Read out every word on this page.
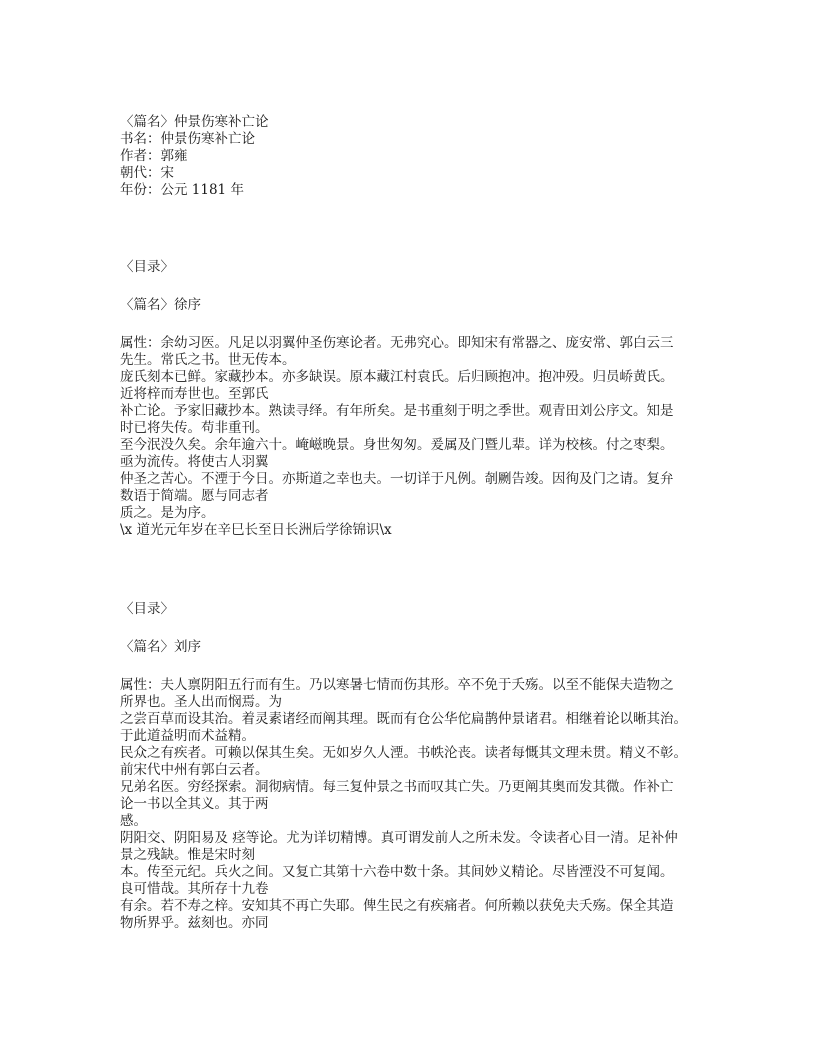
〈篇名〉仲景伤寒补亡论
书名：仲景伤寒补亡论
作者：郭雍
朝代：宋
年份：公元 1181 年
〈目录〉
〈篇名〉徐序
属性：余幼习医。凡足以羽翼仲圣伤寒论者。无弗究心。即知宋有常器之、庞安常、郭白云三
先生。常氏之书。世无传本。
庞氏刻本已鲜。家藏抄本。亦多缺误。原本藏江村袁氏。后归顾抱冲。抱冲殁。归员峤黄氏。
近将梓而寿世也。至郭氏
补亡论。予家旧藏抄本。熟读寻绎。有年所矣。是书重刻于明之季世。观青田刘公序文。知是
时已将失传。苟非重刊。
至今泯没久矣。余年逾六十。崦嵫晚景。身世匆匆。爰属及门暨儿辈。详为校核。付之枣梨。
亟为流传。将使古人羽翼
仲圣之苦心。不湮于今日。亦斯道之幸也夫。一切详于凡例。剞劂告竣。因徇及门之请。复弁
数语于简端。愿与同志者
质之。是为序。
\x 道光元年岁在辛巳长至日长洲后学徐锦识\x
〈目录〉
〈篇名〉刘序
属性：夫人禀阴阳五行而有生。乃以寒暑七情而伤其形。卒不免于夭殇。以至不能保夫造物之
所界也。圣人出而悯焉。为
之尝百草而设其治。着灵素诸经而阐其理。既而有仓公华佗扁鹊仲景诸君。相继着论以晰其治。
于此道益明而术益精。
民众之有疾者。可赖以保其生矣。无如岁久人湮。书帙沦丧。读者每慨其文理未贯。精义不彰。
前宋代中州有郭白云者。
兄弟名医。穷经探索。洞彻病情。每三复仲景之书而叹其亡失。乃更阐其奥而发其微。作补亡
论一书以全其义。其于两
感。
阴阳交、阴阳易及 痉等论。尤为详切精博。真可谓发前人之所未发。令读者心目一清。足补仲
景之残缺。惟是宋时刻
本。传至元纪。兵火之间。又复亡其第十六卷中数十条。其间妙义精论。尽皆湮没不可复闻。
良可惜哉。其所存十九卷
有余。若不寿之梓。安知其不再亡失耶。俾生民之有疾痛者。何所赖以获免夫夭殇。保全其造
物所界乎。兹刻也。亦同
